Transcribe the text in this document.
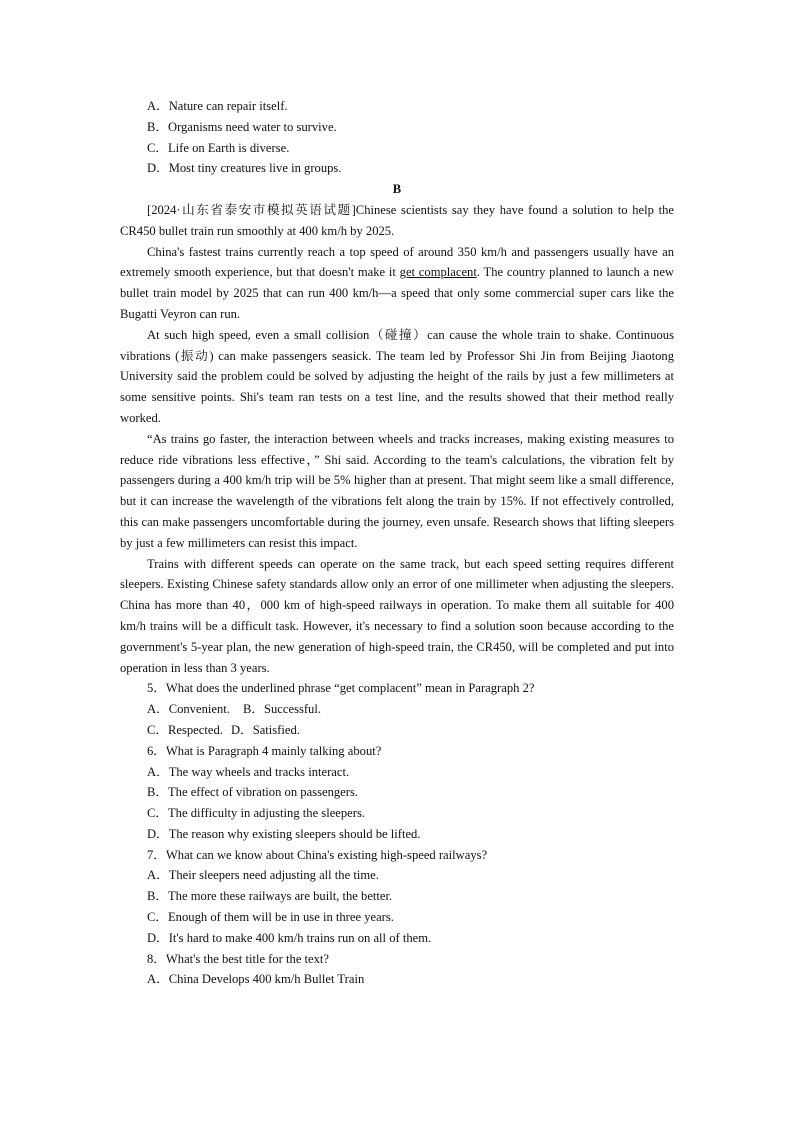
A．Nature can repair itself.

B．Organisms need water to survive.

C．Life on Earth is diverse.

D．Most tiny creatures live in groups.

B

[2024·山东省泰安市模拟英语试题]Chinese scientists say they have found a solution to help the CR450 bullet train run smoothly at 400 km/h by 2025.

China's fastest trains currently reach a top speed of around 350 km/h and passengers usually have an extremely smooth experience, but that doesn't make it get complacent. The country planned to launch a new bullet train model by 2025 that can run 400 km/h—a speed that only some commercial super cars like the Bugatti Veyron can run.

At such high speed, even a small collision（碰撞）can cause the whole train to shake. Continuous vibrations (振动) can make passengers seasick. The team led by Professor Shi Jin from Beijing Jiaotong University said the problem could be solved by adjusting the height of the rails by just a few millimeters at some sensitive points. Shi's team ran tests on a test line, and the results showed that their method really worked.

“As trains go faster, the interaction between wheels and tracks increases, making existing measures to reduce ride vibrations less effective，” Shi said. According to the team's calculations, the vibration felt by passengers during a 400 km/h trip will be 5% higher than at present. That might seem like a small difference, but it can increase the wavelength of the vibrations felt along the train by 15%. If not effectively controlled, this can make passengers uncomfortable during the journey, even unsafe. Research shows that lifting sleepers by just a few millimeters can resist this impact.

Trains with different speeds can operate on the same track, but each speed setting requires different sleepers. Existing Chinese safety standards allow only an error of one millimeter when adjusting the sleepers. China has more than 40，000 km of high-speed railways in operation. To make them all suitable for 400 km/h trains will be a difficult task. However, it's necessary to find a solution soon because according to the government's 5-year plan, the new generation of high-speed train, the CR450, will be completed and put into operation in less than 3 years.

5．What does the underlined phrase “get complacent” mean in Paragraph 2?

A．Convenient. B．Successful.

C．Respected. D．Satisfied.

6．What is Paragraph 4 mainly talking about?

A．The way wheels and tracks interact.

B．The effect of vibration on passengers.

C．The difficulty in adjusting the sleepers.

D．The reason why existing sleepers should be lifted.

7．What can we know about China's existing high-speed railways?

A．Their sleepers need adjusting all the time.

B．The more these railways are built, the better.

C．Enough of them will be in use in three years.

D．It's hard to make 400 km/h trains run on all of them.

8．What's the best title for the text?

A．China Develops 400 km/h Bullet Train
